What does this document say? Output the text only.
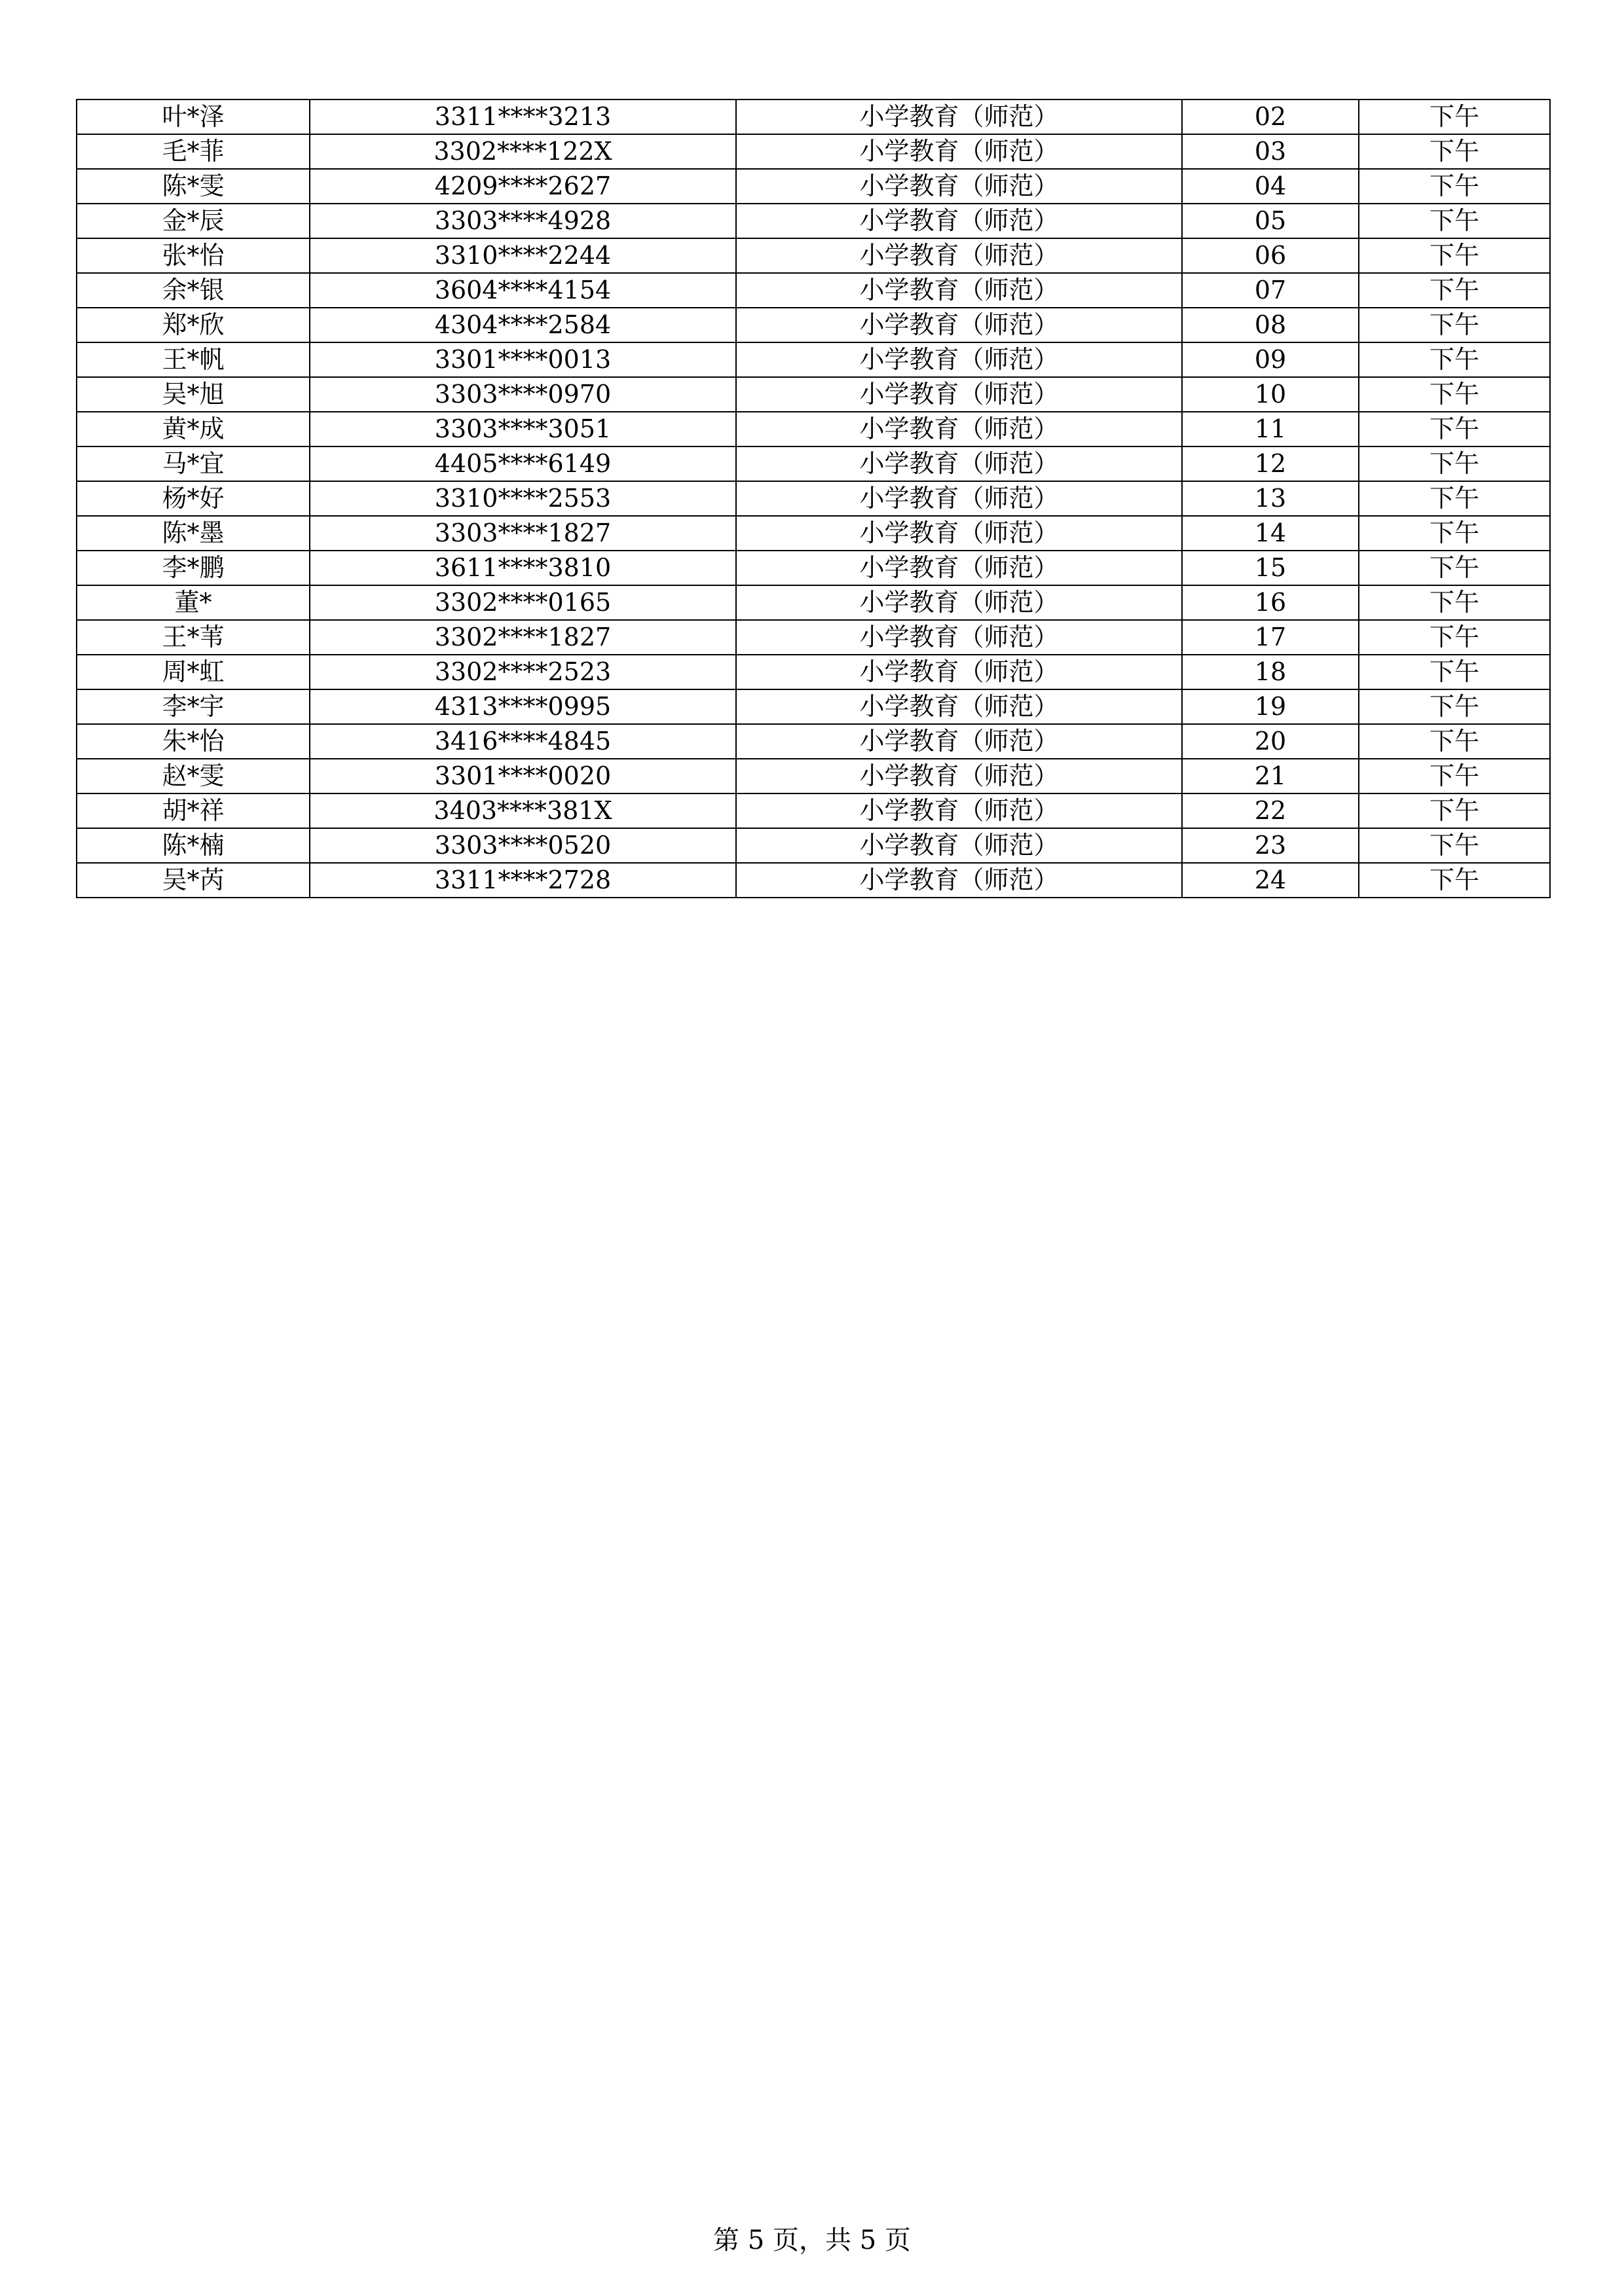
叶*泽	3311****3213	小学教育（师范）	02	下午
毛*菲	3302****122X	小学教育（师范）	03	下午
陈*雯	4209****2627	小学教育（师范）	04	下午
金*辰	3303****4928	小学教育（师范）	05	下午
张*怡	3310****2244	小学教育（师范）	06	下午
余*银	3604****4154	小学教育（师范）	07	下午
郑*欣	4304****2584	小学教育（师范）	08	下午
王*帆	3301****0013	小学教育（师范）	09	下午
吴*旭	3303****0970	小学教育（师范）	10	下午
黄*成	3303****3051	小学教育（师范）	11	下午
马*宜	4405****6149	小学教育（师范）	12	下午
杨*好	3310****2553	小学教育（师范）	13	下午
陈*墨	3303****1827	小学教育（师范）	14	下午
李*鹏	3611****3810	小学教育（师范）	15	下午
董*	3302****0165	小学教育（师范）	16	下午
王*苇	3302****1827	小学教育（师范）	17	下午
周*虹	3302****2523	小学教育（师范）	18	下午
李*宇	4313****0995	小学教育（师范）	19	下午
朱*怡	3416****4845	小学教育（师范）	20	下午
赵*雯	3301****0020	小学教育（师范）	21	下午
胡*祥	3403****381X	小学教育（师范）	22	下午
陈*楠	3303****0520	小学教育（师范）	23	下午
吴*芮	3311****2728	小学教育（师范）	24	下午
第 5 页，共 5 页
